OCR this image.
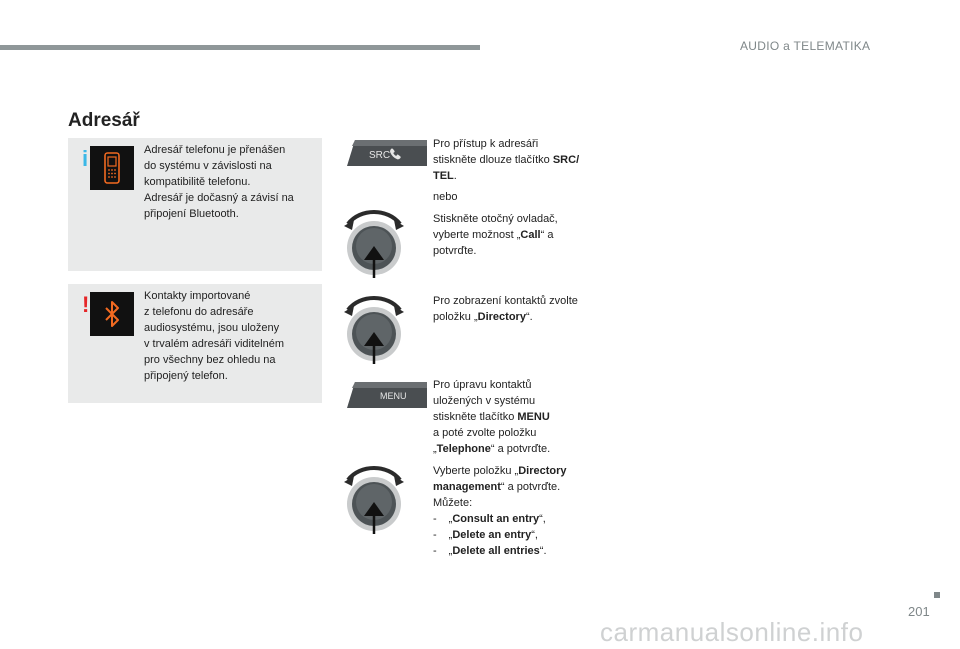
AUDIO a TELEMATIKA
Adresář
i	Adresář telefonu je přenášen
do systému v závislosti na
kompatibilitě telefonu.
Adresář je dočasný a závisí na
připojení Bluetooth.
!	Kontakty importované
z telefonu do adresáře
audiosystému, jsou uloženy
v trvalém adresáři viditelném
pro všechny bez ohledu na
připojený telefon.
SRC
MENU
Pro přístup k adresáři
stiskněte dlouze tlačítko SRC/
TEL.
nebo
Stiskněte otočný ovladač,
vyberte možnost „Call“ a
potvrďte.
Pro zobrazení kontaktů zvolte
položku „Directory“.
Pro úpravu kontaktů
uložených v systému
stiskněte tlačítko MENU
a poté zvolte položku
„Telephone“ a potvrďte.
Vyberte položku „Directory
management“ a potvrďte.
Můžete:
- „Consult an entry“,
- „Delete an entry“,
- „Delete all entries“.
201
carmanualsonline.info
